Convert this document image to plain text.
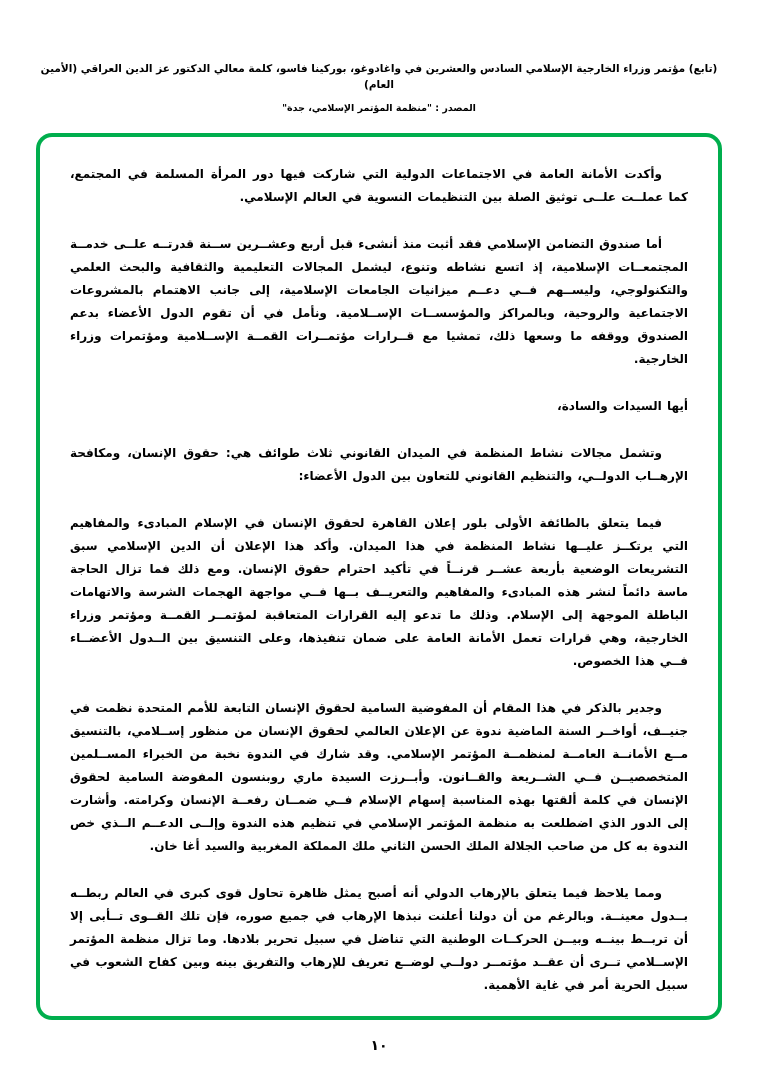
(تابع) مؤتمر وزراء الخارجية الإسلامي السادس والعشرين في واغادوغو، بوركينا فاسو، كلمة معالي الدكتور عز الدين العراقي (الأمين العام)
المصدر : "منظمة المؤتمر الإسلامي، جدة"

وأكدت الأمانة العامة في الاجتماعات الدولية التي شاركت فيها دور المرأة المسلمة في المجتمع، كما عملــت علــى توثيق الصلة بين التنظيمات النسوية في العالم الإسلامي.

أما صندوق التضامن الإسلامي فقد أثبت منذ أنشىء قبل أربع وعشــرين ســنة قدرتــه علــى خدمــة المجتمعــات الإسلامية، إذ اتسع نشاطه وتنوع، ليشمل المجالات التعليمية والثقافية والبحث العلمي والتكنولوجي، وليســهم فــي دعــم ميزانيات الجامعات الإسلامية، إلى جانب الاهتمام بالمشروعات الاجتماعية والروحية، وبالمراكز والمؤسســات الإســلامية. ونأمل في أن تقوم الدول الأعضاء بدعم الصندوق ووقفه ما وسعها ذلك، تمشيا مع قــرارات مؤتمــرات القمــة الإســلامية ومؤتمرات وزراء الخارجية.

أيها السيدات والسادة،

وتشمل مجالات نشاط المنظمة في الميدان القانوني ثلاث طوائف هي: حقوق الإنسان، ومكافحة الإرهــاب الدولــي، والتنظيم القانوني للتعاون بين الدول الأعضاء:

فيما يتعلق بالطائفة الأولى بلور إعلان القاهرة لحقوق الإنسان في الإسلام المبادىء والمفاهيم التي يرتكــز عليــها نشاط المنظمة في هذا الميدان. وأكد هذا الإعلان أن الدين الإسلامي سبق التشريعات الوضعية بأربعة عشــر قرنــاً في تأكيد احترام حقوق الإنسان. ومع ذلك فما تزال الحاجة ماسة دائماً لنشر هذه المبادىء والمفاهيم والتعريــف بــها فــي مواجهة الهجمات الشرسة والاتهامات الباطلة الموجهة إلى الإسلام. وذلك ما تدعو إليه القرارات المتعاقبة لمؤتمــر القمــة ومؤتمر وزراء الخارجية، وهي قرارات تعمل الأمانة العامة على ضمان تنفيذها، وعلى التنسيق بين الــدول الأعضــاء فــي هذا الخصوص.

وجدير بالذكر في هذا المقام أن المفوضية السامية لحقوق الإنسان التابعة للأمم المتحدة نظمت في جنيــف، أواخــر السنة الماضية ندوة عن الإعلان العالمي لحقوق الإنسان من منظور إســلامي، بالتنسيق مــع الأمانــة العامــة لمنظمــة المؤتمر الإسلامي. وقد شارك في الندوة نخبة من الخبراء المســلمين المتخصصيــن فــي الشــريعة والقــانون. وأبــرزت السيدة ماري روبنسون المفوضة السامية لحقوق الإنسان في كلمة ألقتها بهذه المناسبة إسهام الإسلام فــي ضمــان رفعــة الإنسان وكرامته. وأشارت إلى الدور الذي اضطلعت به منظمة المؤتمر الإسلامي في تنظيم هذه الندوة وإلــى الدعــم الــذي خص الندوة به كل من صاحب الجلالة الملك الحسن الثاني ملك المملكة المغربية والسيد أغا خان.

ومما يلاحظ فيما يتعلق بالإرهاب الدولي أنه أصبح يمثل ظاهرة تحاول قوى كبرى في العالم ربطــه بــدول معينــة. وبالرغم من أن دولنا أعلنت نبذها الإرهاب في جميع صوره، فإن تلك القــوى تــأبى إلا أن تربــط بينــه وبيــن الحركــات الوطنية التي تناضل في سبيل تحرير بلادها. وما تزال منظمة المؤتمر الإســلامي تــرى أن عقــد مؤتمــر دولــي لوضــع تعريف للإرهاب والتفريق بينه وبين كفاح الشعوب في سبيل الحرية أمر في غاية الأهمية.

١٠
